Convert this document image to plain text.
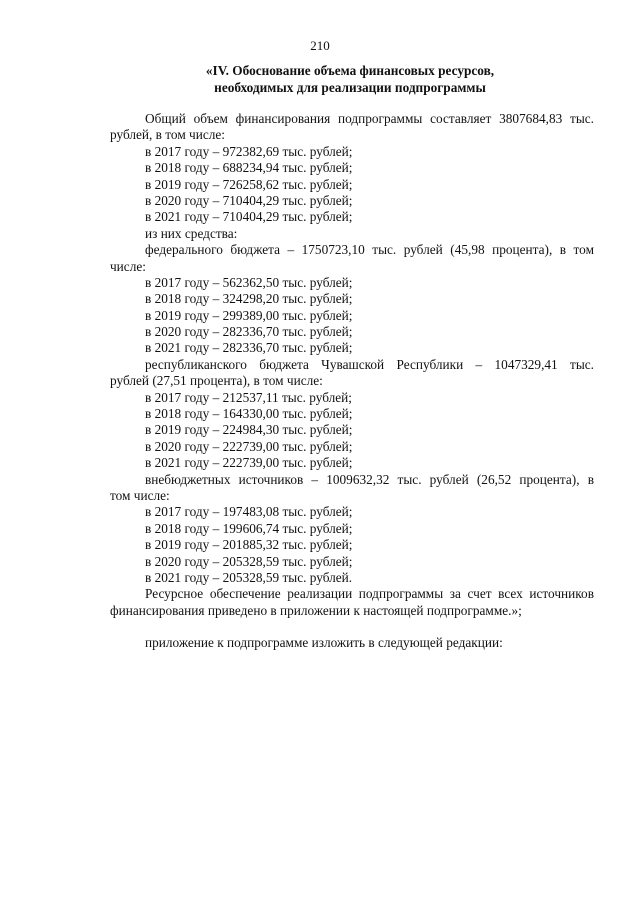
210
«IV. Обоснование объема финансовых ресурсов,
необходимых для реализации подпрограммы
Общий объем финансирования подпрограммы составляет 3807684,83 тыс.
рублей, в том числе:
в 2017 году – 972382,69 тыс. рублей;
в 2018 году – 688234,94 тыс. рублей;
в 2019 году – 726258,62 тыс. рублей;
в 2020 году – 710404,29 тыс. рублей;
в 2021 году – 710404,29 тыс. рублей;
из них средства:
федерального бюджета – 1750723,10 тыс. рублей (45,98 процента), в том
числе:
в 2017 году – 562362,50 тыс. рублей;
в 2018 году – 324298,20 тыс. рублей;
в 2019 году – 299389,00 тыс. рублей;
в 2020 году – 282336,70 тыс. рублей;
в 2021 году – 282336,70 тыс. рублей;
республиканского бюджета Чувашской Республики – 1047329,41 тыс.
рублей (27,51 процента), в том числе:
в 2017 году – 212537,11 тыс. рублей;
в 2018 году – 164330,00 тыс. рублей;
в 2019 году – 224984,30 тыс. рублей;
в 2020 году – 222739,00 тыс. рублей;
в 2021 году – 222739,00 тыс. рублей;
внебюджетных источников – 1009632,32 тыс. рублей (26,52 процента), в
том числе:
в 2017 году – 197483,08 тыс. рублей;
в 2018 году – 199606,74 тыс. рублей;
в 2019 году – 201885,32 тыс. рублей;
в 2020 году – 205328,59 тыс. рублей;
в 2021 году – 205328,59 тыс. рублей.
Ресурсное обеспечение реализации подпрограммы за счет всех источников
финансирования приведено в приложении к настоящей подпрограмме.»;
приложение к подпрограмме изложить в следующей редакции:
